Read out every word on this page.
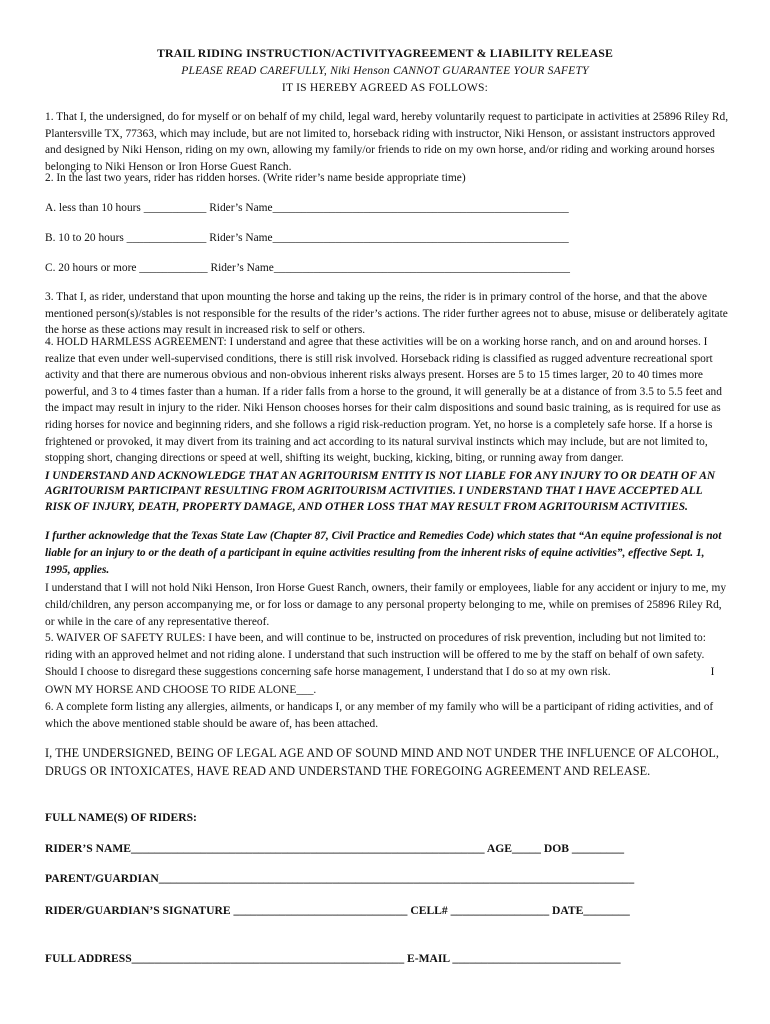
TRAIL RIDING INSTRUCTION/ACTIVITYAGREEMENT & LIABILITY RELEASE
PLEASE READ CAREFULLY, Niki Henson CANNOT GUARANTEE YOUR SAFETY
IT IS HEREBY AGREED AS FOLLOWS:
1. That I, the undersigned, do for myself or on behalf of my child, legal ward, hereby voluntarily request to participate in activities at 25896 Riley Rd, Plantersville TX, 77363, which may include, but are not limited to, horseback riding with instructor, Niki Henson, or assistant instructors approved and designed by Niki Henson, riding on my own, allowing my family/or friends to ride on my own horse, and/or riding and working around horses belonging to Niki Henson or Iron Horse Guest Ranch.
2. In the last two years, rider has ridden horses. (Write rider’s name beside appropriate time)
A. less than 10 hours ___________ Rider’s Name____________________________________________________
B. 10 to 20 hours ______________ Rider’s Name____________________________________________________
C. 20 hours or more ____________ Rider’s Name____________________________________________________
3. That I, as rider, understand that upon mounting the horse and taking up the reins, the rider is in primary control of the horse, and that the above mentioned person(s)/stables is not responsible for the results of the rider’s actions. The rider further agrees not to abuse, misuse or deliberately agitate the horse as these actions may result in increased risk to self or others.
4. HOLD HARMLESS AGREEMENT: I understand and agree that these activities will be on a working horse ranch, and on and around horses. I realize that even under well-supervised conditions, there is still risk involved. Horseback riding is classified as rugged adventure recreational sport activity and that there are numerous obvious and non-obvious inherent risks always present. Horses are 5 to 15 times larger, 20 to 40 times more powerful, and 3 to 4 times faster than a human. If a rider falls from a horse to the ground, it will generally be at a distance of from 3.5 to 5.5 feet and the impact may result in injury to the rider. Niki Henson chooses horses for their calm dispositions and sound basic training, as is required for use as riding horses for novice and beginning riders, and she follows a rigid risk-reduction program. Yet, no horse is a completely safe horse. If a horse is frightened or provoked, it may divert from its training and act according to its natural survival instincts which may include, but are not limited to, stopping short, changing directions or speed at well, shifting its weight, bucking, kicking, biting, or running away from danger.
I UNDERSTAND AND ACKNOWLEDGE THAT AN AGRITOURISM ENTITY IS NOT LIABLE FOR ANY INJURY TO OR DEATH OF AN AGRITOURISM PARTICIPANT RESULTING FROM AGRITOURISM ACTIVITIES. I UNDERSTAND THAT I HAVE ACCEPTED ALL RISK OF INJURY, DEATH, PROPERTY DAMAGE, AND OTHER LOSS THAT MAY RESULT FROM AGRITOURISM ACTIVITIES.
I further acknowledge that the Texas State Law (Chapter 87, Civil Practice and Remedies Code) which states that “An equine professional is not liable for an injury to or the death of a participant in equine activities resulting from the inherent risks of equine activities”, effective Sept. 1, 1995, applies.
I understand that I will not hold Niki Henson, Iron Horse Guest Ranch, owners, their family or employees, liable for any accident or injury to me, my child/children, any person accompanying me, or for loss or damage to any personal property belonging to me, while on premises of 25896 Riley Rd, or while in the care of any representative thereof.
5. WAIVER OF SAFETY RULES: I have been, and will continue to be, instructed on procedures of risk prevention, including but not limited to: riding with an approved helmet and not riding alone. I understand that such instruction will be offered to me by the staff on behalf of own safety. Should I choose to disregard these suggestions concerning safe horse management, I understand that I do so at my own risk.	I OWN MY HORSE AND CHOOSE TO RIDE ALONE___.
6. A complete form listing any allergies, ailments, or handicaps I, or any member of my family who will be a participant of riding activities, and of which the above mentioned stable should be aware of, has been attached.
I, THE UNDERSIGNED, BEING OF LEGAL AGE AND OF SOUND MIND AND NOT UNDER THE INFLUENCE OF ALCOHOL, DRUGS OR INTOXICATES, HAVE READ AND UNDERSTAND THE FOREGOING AGREEMENT AND RELEASE.
FULL NAME(S) OF RIDERS:
RIDER’S NAME_____________________________________________________________ AGE_____ DOB _________
PARENT/GUARDIAN__________________________________________________________________________________
RIDER/GUARDIAN’S SIGNATURE ______________________________ CELL# _________________ DATE________
FULL ADDRESS_______________________________________________ E-MAIL _____________________________
